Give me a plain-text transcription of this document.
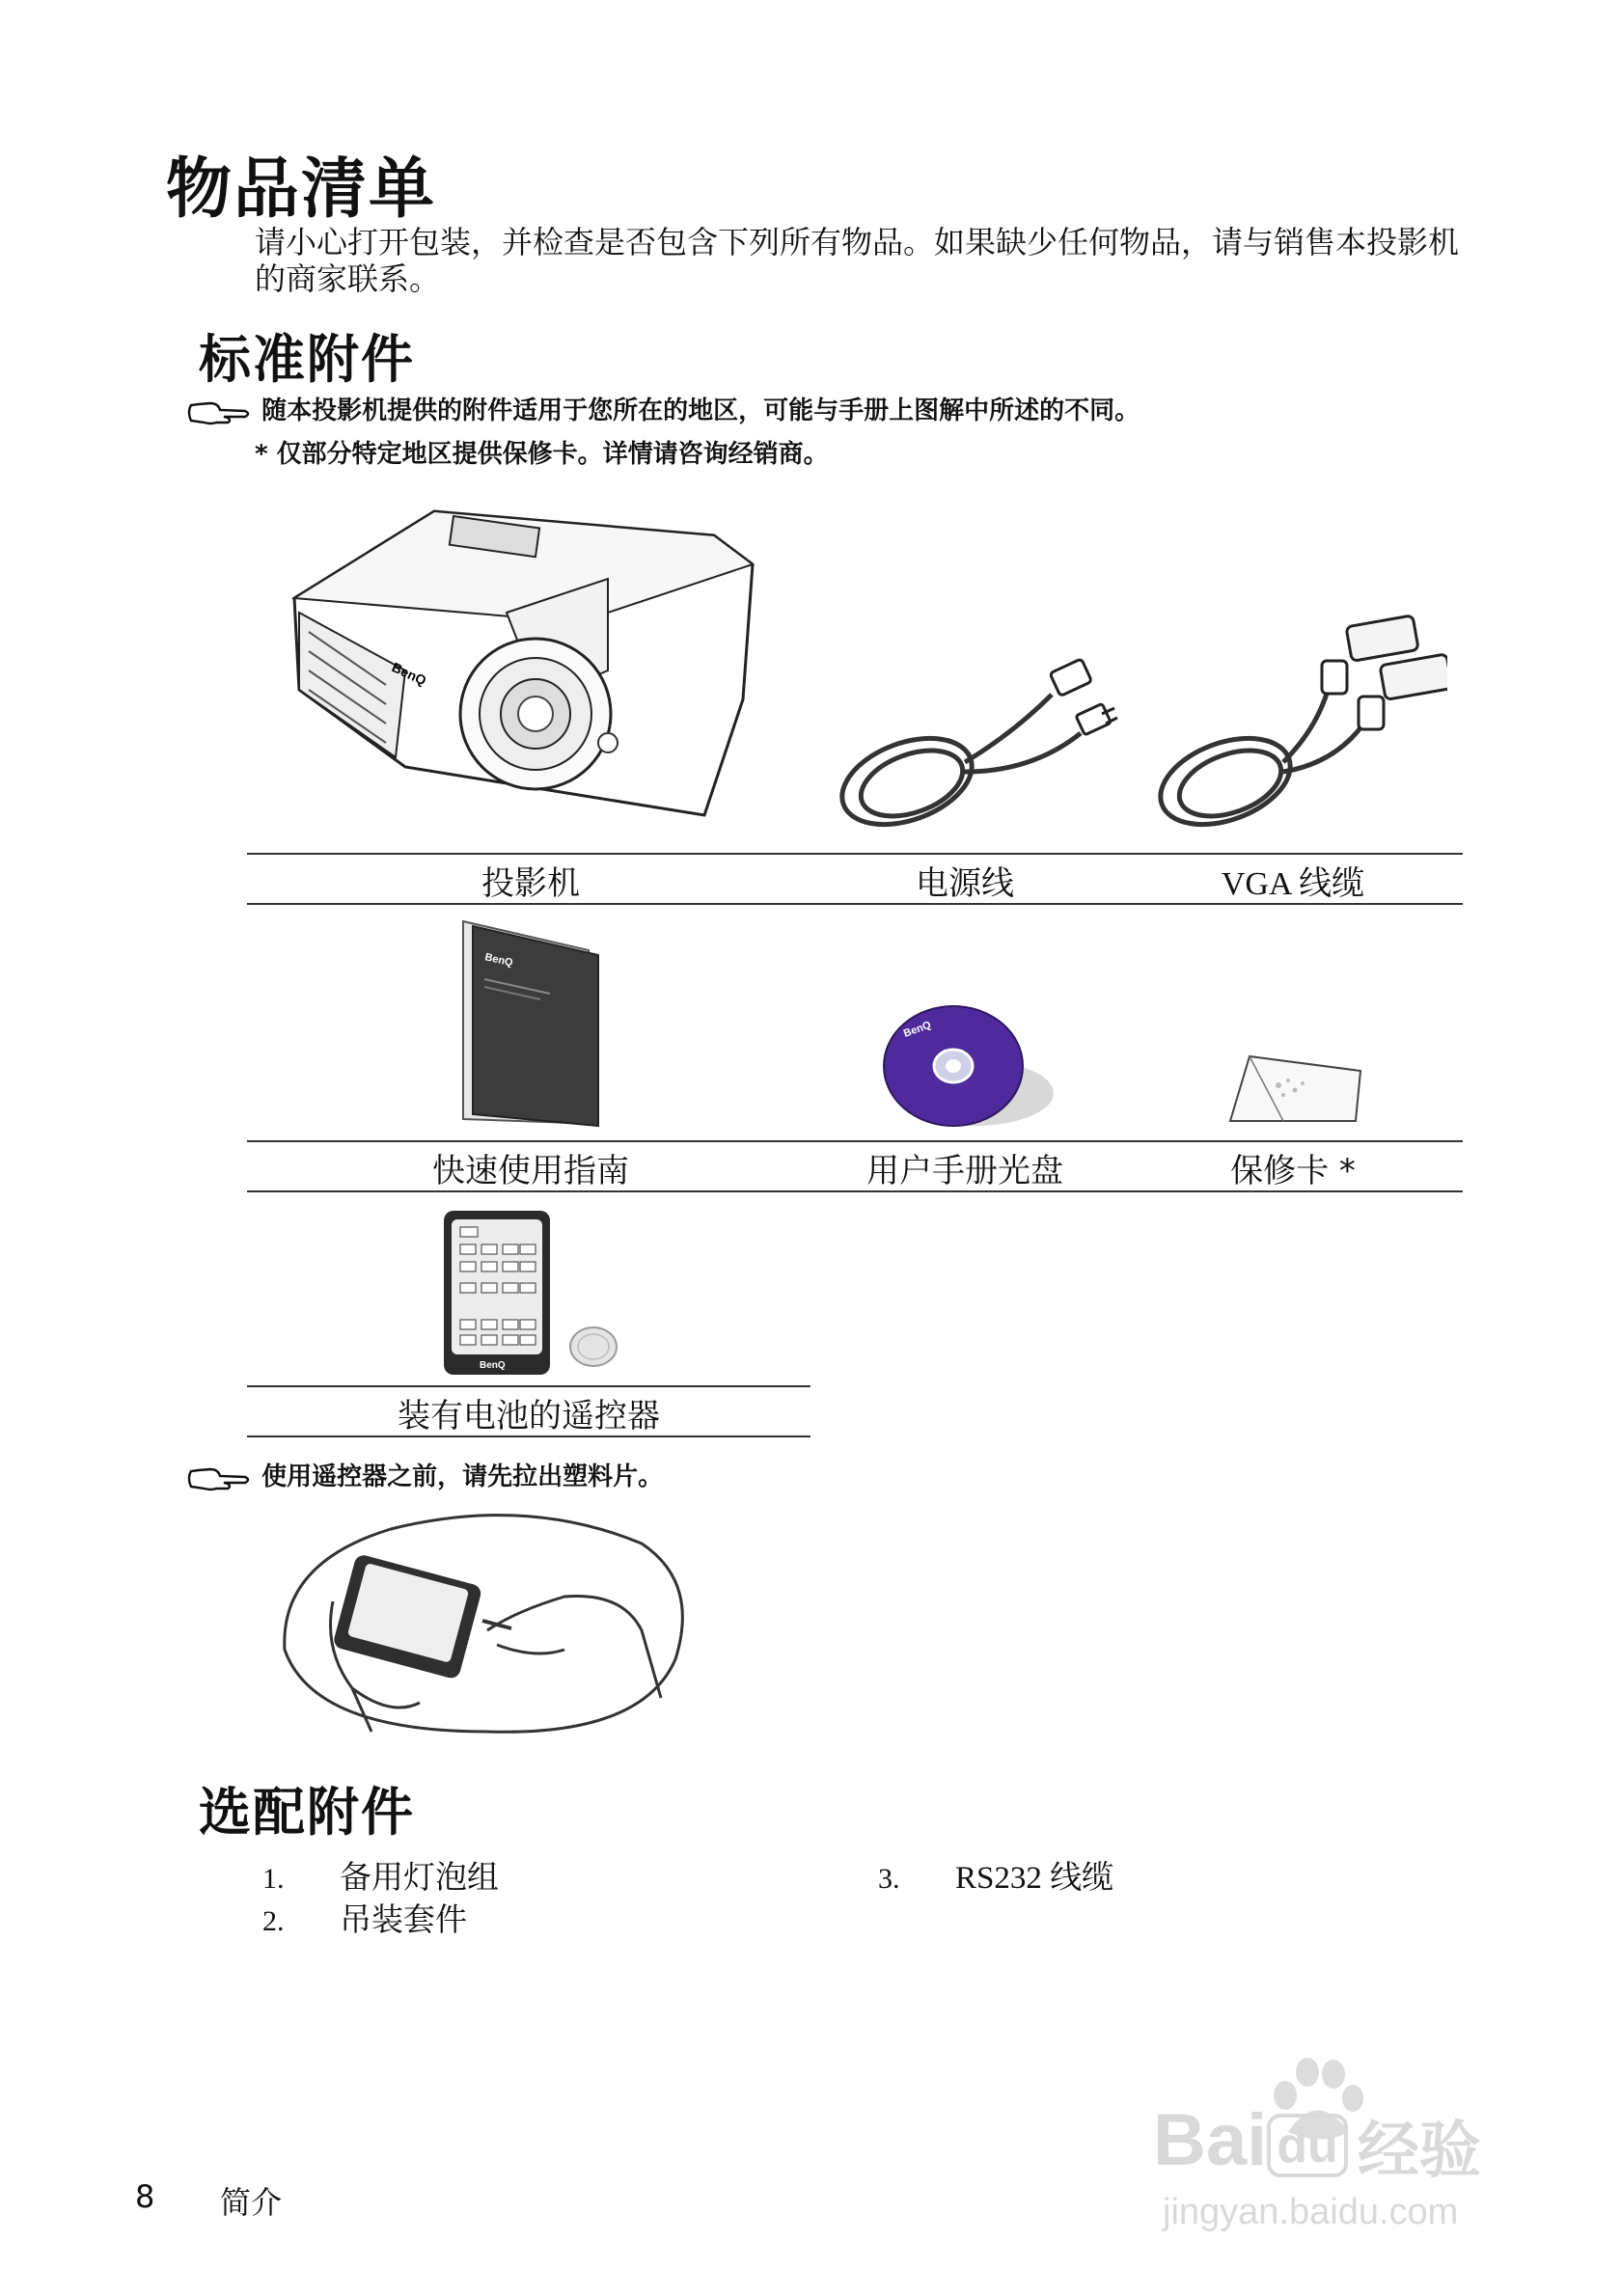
物品清单
请小心打开包装，并检查是否包含下列所有物品。如果缺少任何物品，请与销售本投影机的商家联系。
标准附件
随本投影机提供的附件适用于您所在的地区，可能与手册上图解中所述的不同。
* 仅部分特定地区提供保修卡。详情请咨询经销商。
BenQ
投影机	电源线	VGA 线缆
BenQ
BenQ
快速使用指南	用户手册光盘	保修卡 *
BenQ
装有电池的遥控器
使用遥控器之前，请先拉出塑料片。
选配附件
1. 备用灯泡组
2. 吊装套件
3. RS232 线缆
8 简介
Bai du 经验
jingyan.baidu.com
